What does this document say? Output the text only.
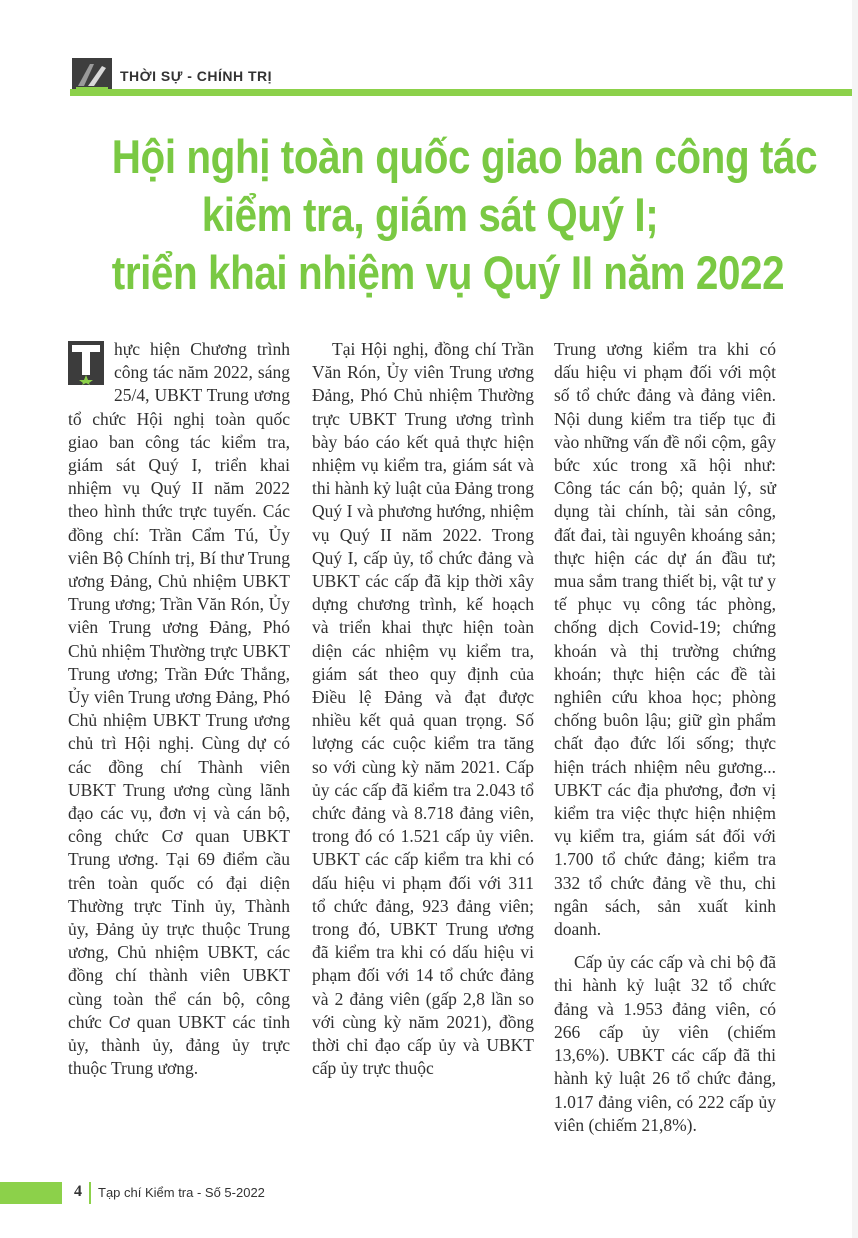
THỜI SỰ - CHÍNH TRỊ
Hội nghị toàn quốc giao ban công tác
kiểm tra, giám sát Quý I;
triển khai nhiệm vụ Quý II năm 2022

hực hiện Chương trình công tác năm 2022, sáng 25/4, UBKT Trung ương tổ chức Hội nghị toàn quốc giao ban công tác kiểm tra, giám sát Quý I, triển khai nhiệm vụ Quý II năm 2022 theo hình thức trực tuyến. Các đồng chí: Trần Cẩm Tú, Ủy viên Bộ Chính trị, Bí thư Trung ương Đảng, Chủ nhiệm UBKT Trung ương; Trần Văn Rón, Ủy viên Trung ương Đảng, Phó Chủ nhiệm Thường trực UBKT Trung ương; Trần Đức Thắng, Ủy viên Trung ương Đảng, Phó Chủ nhiệm UBKT Trung ương chủ trì Hội nghị. Cùng dự có các đồng chí Thành viên UBKT Trung ương cùng lãnh đạo các vụ, đơn vị và cán bộ, công chức Cơ quan UBKT Trung ương. Tại 69 điểm cầu trên toàn quốc có đại diện Thường trực Tỉnh ủy, Thành ủy, Đảng ủy trực thuộc Trung ương, Chủ nhiệm UBKT, các đồng chí thành viên UBKT cùng toàn thể cán bộ, công chức Cơ quan UBKT các tỉnh ủy, thành ủy, đảng ủy trực thuộc Trung ương.

Tại Hội nghị, đồng chí Trần Văn Rón, Ủy viên Trung ương Đảng, Phó Chủ nhiệm Thường trực UBKT Trung ương trình bày báo cáo kết quả thực hiện nhiệm vụ kiểm tra, giám sát và thi hành kỷ luật của Đảng trong Quý I và phương hướng, nhiệm vụ Quý II năm 2022. Trong Quý I, cấp ủy, tổ chức đảng và UBKT các cấp đã kịp thời xây dựng chương trình, kế hoạch và triển khai thực hiện toàn diện các nhiệm vụ kiểm tra, giám sát theo quy định của Điều lệ Đảng và đạt được nhiều kết quả quan trọng. Số lượng các cuộc kiểm tra tăng so với cùng kỳ năm 2021. Cấp ủy các cấp đã kiểm tra 2.043 tổ chức đảng và 8.718 đảng viên, trong đó có 1.521 cấp ủy viên. UBKT các cấp kiểm tra khi có dấu hiệu vi phạm đối với 311 tổ chức đảng, 923 đảng viên; trong đó, UBKT Trung ương đã kiểm tra khi có dấu hiệu vi phạm đối với 14 tổ chức đảng và 2 đảng viên (gấp 2,8 lần so với cùng kỳ năm 2021), đồng thời chỉ đạo cấp ủy và UBKT cấp ủy trực thuộc

Trung ương kiểm tra khi có dấu hiệu vi phạm đối với một số tổ chức đảng và đảng viên. Nội dung kiểm tra tiếp tục đi vào những vấn đề nổi cộm, gây bức xúc trong xã hội như: Công tác cán bộ; quản lý, sử dụng tài chính, tài sản công, đất đai, tài nguyên khoáng sản; thực hiện các dự án đầu tư; mua sắm trang thiết bị, vật tư y tế phục vụ công tác phòng, chống dịch Covid-19; chứng khoán và thị trường chứng khoán; thực hiện các đề tài nghiên cứu khoa học; phòng chống buôn lậu; giữ gìn phẩm chất đạo đức lối sống; thực hiện trách nhiệm nêu gương... UBKT các địa phương, đơn vị kiểm tra việc thực hiện nhiệm vụ kiểm tra, giám sát đối với 1.700 tổ chức đảng; kiểm tra 332 tổ chức đảng về thu, chi ngân sách, sản xuất kinh doanh.

Cấp ủy các cấp và chi bộ đã thi hành kỷ luật 32 tổ chức đảng và 1.953 đảng viên, có 266 cấp ủy viên (chiếm 13,6%). UBKT các cấp đã thi hành kỷ luật 26 tổ chức đảng, 1.017 đảng viên, có 222 cấp ủy viên (chiếm 21,8%).

4 Tạp chí Kiểm tra - Số 5-2022
